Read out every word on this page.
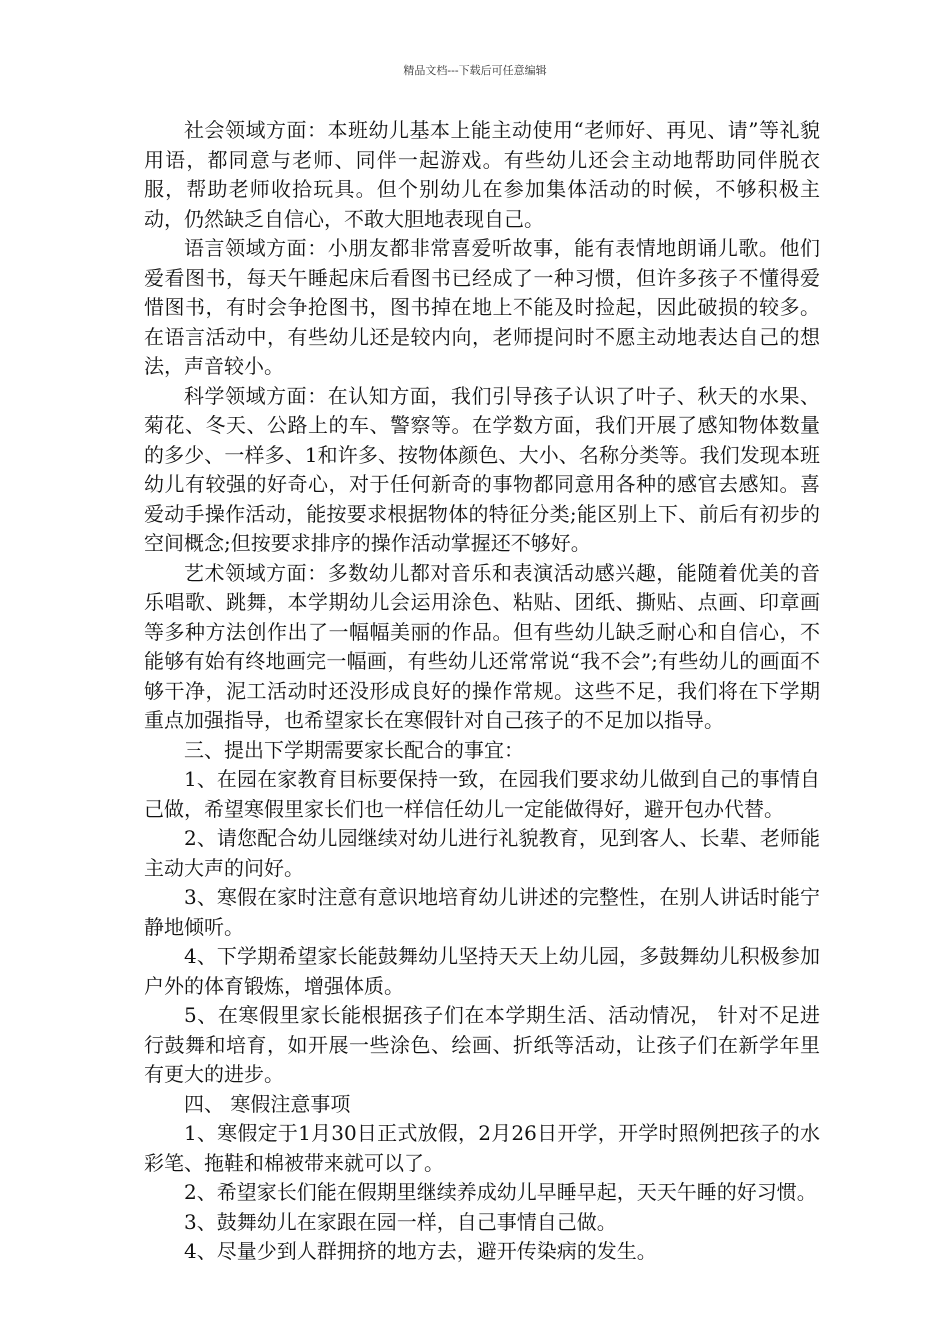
精品文档---下载后可任意编辑

社会领域方面：本班幼儿基本上能主动使用“老师好、再见、请”等礼貌用语，都同意与老师、同伴一起游戏。有些幼儿还会主动地帮助同伴脱衣服，帮助老师收拾玩具。但个别幼儿在参加集体活动的时候，不够积极主动，仍然缺乏自信心，不敢大胆地表现自己。

语言领域方面：小朋友都非常喜爱听故事，能有表情地朗诵儿歌。他们爱看图书，每天午睡起床后看图书已经成了一种习惯，但许多孩子不懂得爱惜图书，有时会争抢图书，图书掉在地上不能及时捡起，因此破损的较多。在语言活动中，有些幼儿还是较内向，老师提问时不愿主动地表达自己的想法，声音较小。

科学领域方面：在认知方面，我们引导孩子认识了叶子、秋天的水果、菊花、冬天、公路上的车、警察等。在学数方面，我们开展了感知物体数量的多少、一样多、1和许多、按物体颜色、大小、名称分类等。我们发现本班幼儿有较强的好奇心，对于任何新奇的事物都同意用各种的感官去感知。喜爱动手操作活动，能按要求根据物体的特征分类;能区别上下、前后有初步的空间概念;但按要求排序的操作活动掌握还不够好。

艺术领域方面：多数幼儿都对音乐和表演活动感兴趣，能随着优美的音乐唱歌、跳舞，本学期幼儿会运用涂色、粘贴、团纸、撕贴、点画、印章画等多种方法创作出了一幅幅美丽的作品。但有些幼儿缺乏耐心和自信心，不能够有始有终地画完一幅画，有些幼儿还常常说“我不会”;有些幼儿的画面不够干净，泥工活动时还没形成良好的操作常规。这些不足，我们将在下学期重点加强指导，也希望家长在寒假针对自己孩子的不足加以指导。

三、提出下学期需要家长配合的事宜：

1、在园在家教育目标要保持一致，在园我们要求幼儿做到自己的事情自己做，希望寒假里家长们也一样信任幼儿一定能做得好，避开包办代替。

2、请您配合幼儿园继续对幼儿进行礼貌教育，见到客人、长辈、老师能主动大声的问好。

3、寒假在家时注意有意识地培育幼儿讲述的完整性，在别人讲话时能宁静地倾听。

4、下学期希望家长能鼓舞幼儿坚持天天上幼儿园，多鼓舞幼儿积极参加户外的体育锻炼，增强体质。

5、在寒假里家长能根据孩子们在本学期生活、活动情况， 针对不足进行鼓舞和培育，如开展一些涂色、绘画、折纸等活动，让孩子们在新学年里有更大的进步。

四、 寒假注意事项

1、寒假定于1月30日正式放假，2月26日开学，开学时照例把孩子的水彩笔、拖鞋和棉被带来就可以了。

2、希望家长们能在假期里继续养成幼儿早睡早起，天天午睡的好习惯。

3、鼓舞幼儿在家跟在园一样，自己事情自己做。

4、尽量少到人群拥挤的地方去，避开传染病的发生。
